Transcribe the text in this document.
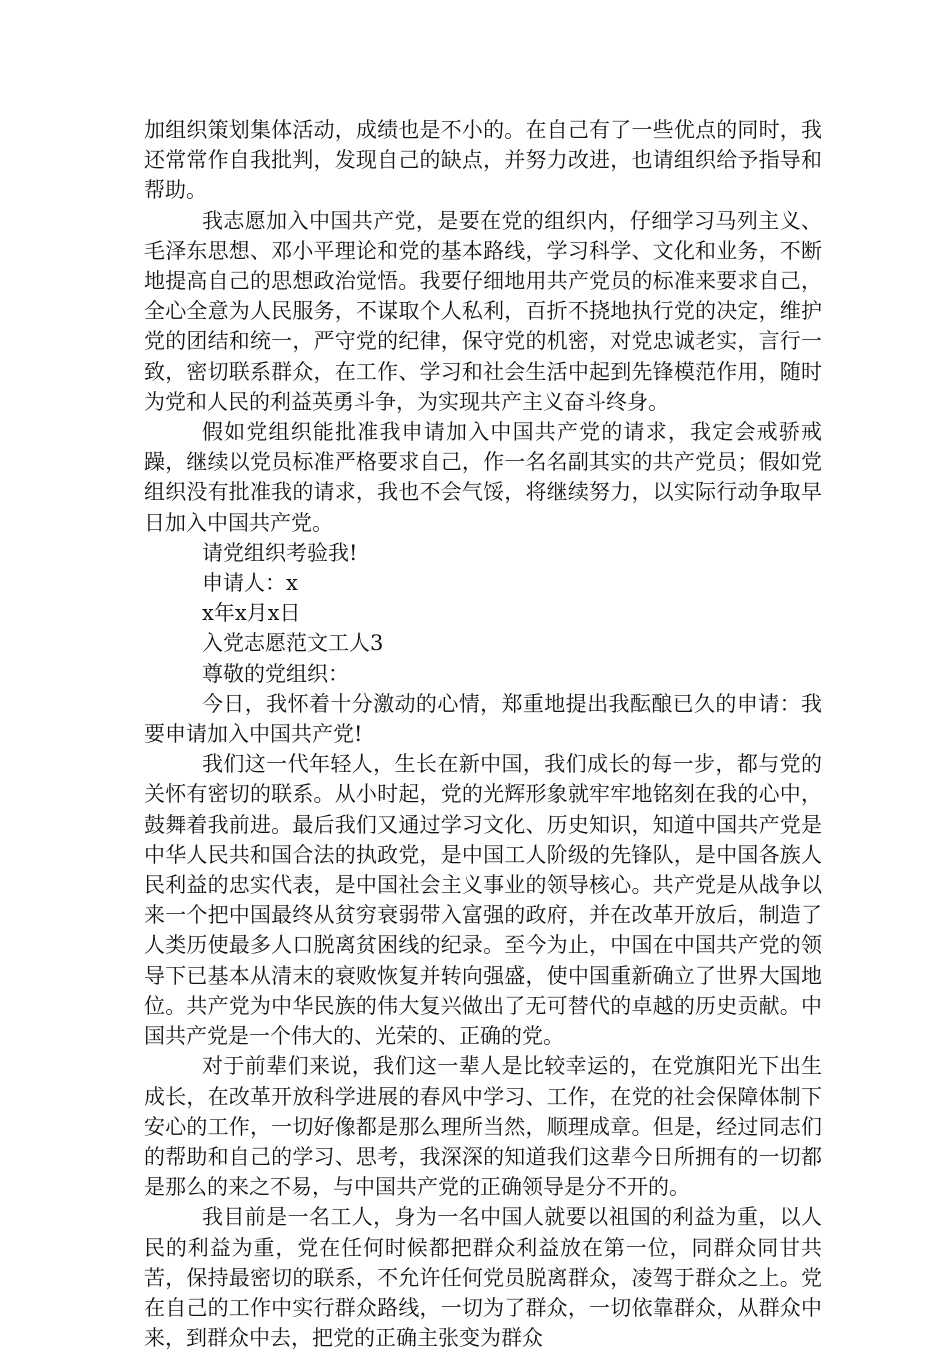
加组织策划集体活动，成绩也是不小的。在自己有了一些优点的同时，我还常常作自我批判，发现自己的缺点，并努力改进，也请组织给予指导和帮助。

我志愿加入中国共产党，是要在党的组织内，仔细学习马列主义、毛泽东思想、邓小平理论和党的基本路线，学习科学、文化和业务，不断地提高自己的思想政治觉悟。我要仔细地用共产党员的标准来要求自己，全心全意为人民服务，不谋取个人私利，百折不挠地执行党的决定，维护党的团结和统一，严守党的纪律，保守党的机密，对党忠诚老实，言行一致，密切联系群众，在工作、学习和社会生活中起到先锋模范作用，随时为党和人民的利益英勇斗争，为实现共产主义奋斗终身。

假如党组织能批准我申请加入中国共产党的请求，我定会戒骄戒躁，继续以党员标准严格要求自己，作一名名副其实的共产党员；假如党组织没有批准我的请求，我也不会气馁，将继续努力，以实际行动争取早日加入中国共产党。

请党组织考验我!

申请人：x

x年x月x日

入党志愿范文工人3

尊敬的党组织：

今日，我怀着十分激动的心情，郑重地提出我酝酿已久的申请：我要申请加入中国共产党!

我们这一代年轻人，生长在新中国，我们成长的每一步，都与党的关怀有密切的联系。从小时起，党的光辉形象就牢牢地铭刻在我的心中，鼓舞着我前进。最后我们又通过学习文化、历史知识，知道中国共产党是中华人民共和国合法的执政党，是中国工人阶级的先锋队，是中国各族人民利益的忠实代表，是中国社会主义事业的领导核心。共产党是从战争以来一个把中国最终从贫穷衰弱带入富强的政府，并在改革开放后，制造了人类历使最多人口脱离贫困线的纪录。至今为止，中国在中国共产党的领导下已基本从清末的衰败恢复并转向强盛，使中国重新确立了世界大国地位。共产党为中华民族的伟大复兴做出了无可替代的卓越的历史贡献。中国共产党是一个伟大的、光荣的、正确的党。

对于前辈们来说，我们这一辈人是比较幸运的，在党旗阳光下出生成长，在改革开放科学进展的春风中学习、工作，在党的社会保障体制下安心的工作，一切好像都是那么理所当然，顺理成章。但是，经过同志们的帮助和自己的学习、思考，我深深的知道我们这辈今日所拥有的一切都是那么的来之不易，与中国共产党的正确领导是分不开的。

我目前是一名工人，身为一名中国人就要以祖国的利益为重，以人民的利益为重，党在任何时候都把群众利益放在第一位，同群众同甘共苦，保持最密切的联系，不允许任何党员脱离群众，凌驾于群众之上。党在自己的工作中实行群众路线，一切为了群众，一切依靠群众，从群众中来，到群众中去，把党的正确主张变为群众
